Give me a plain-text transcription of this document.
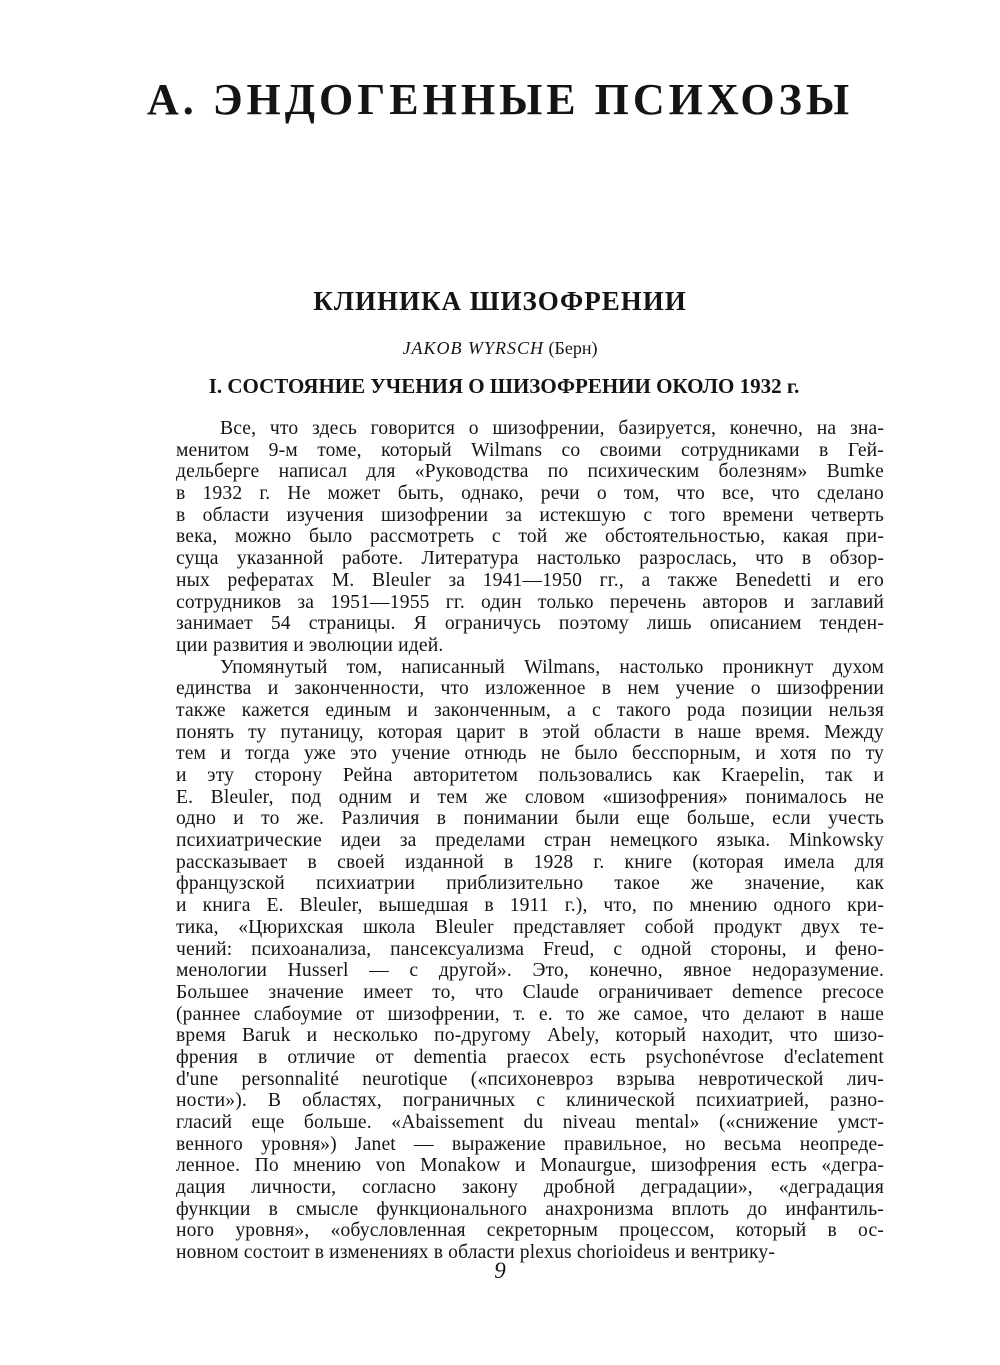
А. ЭНДОГЕННЫЕ ПСИХОЗЫ
КЛИНИКА ШИЗОФРЕНИИ

JAKOB WYRSCH (Берн)

I. СОСТОЯНИЕ УЧЕНИЯ О ШИЗОФРЕНИИ ОКОЛО 1932 г.
Все, что здесь говорится о шизофрении, базируется, конечно, на зна-
менитом 9-м томе, который Wilmans со своими сотрудниками в Гей-
дельберге написал для «Руководства по психическим болезням» Bumke
в 1932 г. Не может быть, однако, речи о том, что все, что сделано
в области изучения шизофрении за истекшую с того времени четверть
века, можно было рассмотреть с той же обстоятельностью, какая при-
суща указанной работе. Литература настолько разрослась, что в обзор-
ных рефератах M. Bleuler за 1941—1950 гг., а также Benedetti и его
сотрудников за 1951—1955 гг. один только перечень авторов и заглавий
занимает 54 страницы. Я ограничусь поэтому лишь описанием тенден-
ции развития и эволюции идей.
Упомянутый том, написанный Wilmans, настолько проникнут духом
единства и законченности, что изложенное в нем учение о шизофрении
также кажется единым и законченным, а с такого рода позиции нельзя
понять ту путаницу, которая царит в этой области в наше время. Между
тем и тогда уже это учение отнюдь не было бесспорным, и хотя по ту
и эту сторону Рейна авторитетом пользовались как Kraepelin, так и
E. Bleuler, под одним и тем же словом «шизофрения» понималось не
одно и то же. Различия в понимании были еще больше, если учесть
психиатрические идеи за пределами стран немецкого языка. Minkowsky
рассказывает в своей изданной в 1928 г. книге (которая имела для
французской психиатрии приблизительно такое же значение, как
и книга E. Bleuler, вышедшая в 1911 г.), что, по мнению одного кри-
тика, «Цюрихская школа Bleuler представляет собой продукт двух те-
чений: психоанализа, пансексуализма Freud, с одной стороны, и фено-
менологии Husserl — с другой». Это, конечно, явное недоразумение.
Большее значение имеет то, что Claude ограничивает demence precoce
(раннее слабоумие от шизофрении, т. е. то же самое, что делают в наше
время Baruk и несколько по-другому Abely, который находит, что шизо-
френия в отличие от dementia praecox есть psychonévrose d'eclatement
d'une personnalité neurotique («психоневроз взрыва невротической лич-
ности»). В областях, пограничных с клинической психиатрией, разно-
гласий еще больше. «Abaissement du niveau mental» («снижение умст-
венного уровня») Janet — выражение правильное, но весьма неопреде-
ленное. По мнению von Monakow и Monaurgue, шизофрения есть «дегра-
дация личности, согласно закону дробной деградации», «деградация
функции в смысле функционального анахронизма вплоть до инфантиль-
ного уровня», «обусловленная секреторным процессом, который в ос-
новном состоит в изменениях в области plexus chorioideus и вентрику-

9
